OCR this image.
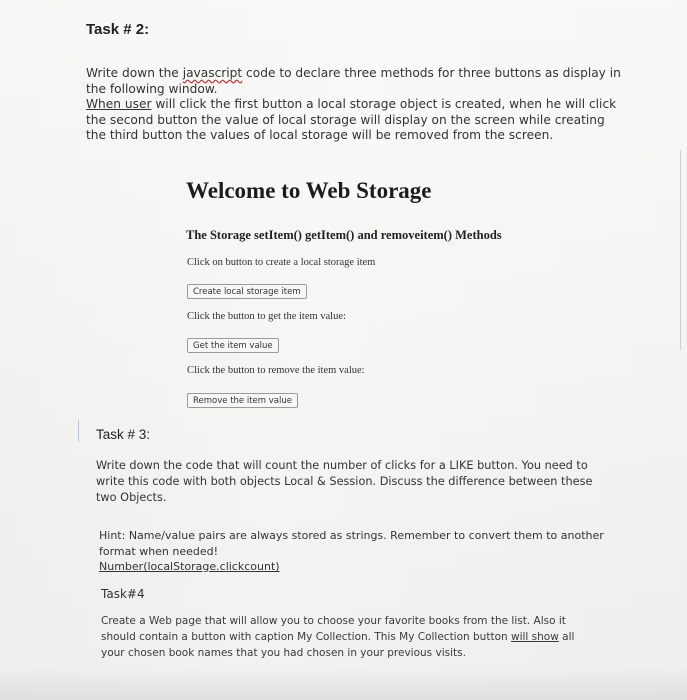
Task # 2:

Write down the javascript code to declare three methods for three buttons as display in the following window.

When user will click the first button a local storage object is created, when he will click the second button the value of local storage will display on the screen while creating the third button the values of local storage will be removed from the screen.

Welcome to Web Storage
The Storage setItem() getItem() and removeitem() Methods
Click on button to create a local storage item
Create local storage item
Click the button to get the item value:
Get the item value
Click the button to remove the item value:
Remove the item value
Task # 3:
Write down the code that will count the number of clicks for a LIKE button. You need to write this code with both objects Local & Session. Discuss the difference between these two Objects.

Hint: Name/value pairs are always stored as strings. Remember to convert them to another format when needed!

Number(localStorage.clickcount)

Task#4
Create a Web page that will allow you to choose your favorite books from the list. Also it should contain a button with caption My Collection. This My Collection button will show all your chosen book names that you had chosen in your previous visits.
